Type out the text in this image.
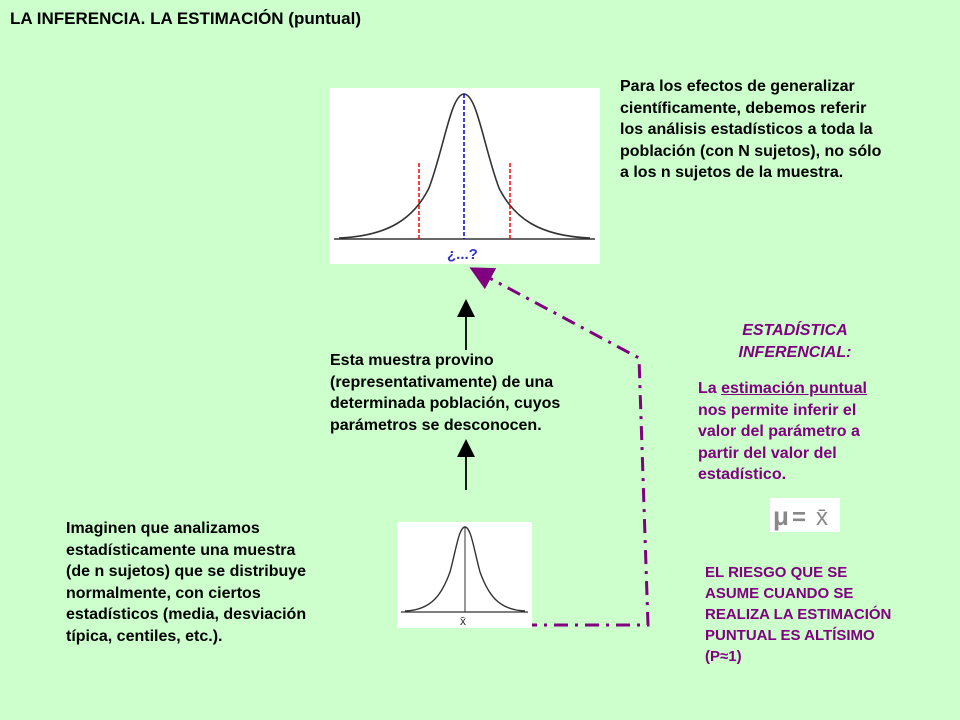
LA INFERENCIA. LA ESTIMACIÓN (puntual)
Para los efectos de generalizar
científicamente, debemos referir
los análisis estadísticos a toda la
población (con N sujetos), no sólo
a los n sujetos de la muestra.
¿...?
Esta muestra provino
(representativamente) de una
determinada población, cuyos
parámetros se desconocen.
ESTADÍSTICA
INFERENCIAL:
La estimación puntual
nos permite inferir el
valor del parámetro a
partir del valor del
estadístico.
μ = x̄
Imaginen que analizamos
estadísticamente una muestra
(de n sujetos) que se distribuye
normalmente, con ciertos
estadísticos (media, desviación
típica, centiles, etc.).
x̄
EL RIESGO QUE SE
ASUME CUANDO SE
REALIZA LA ESTIMACIÓN
PUNTUAL ES ALTÍSIMO
(P≈1)
